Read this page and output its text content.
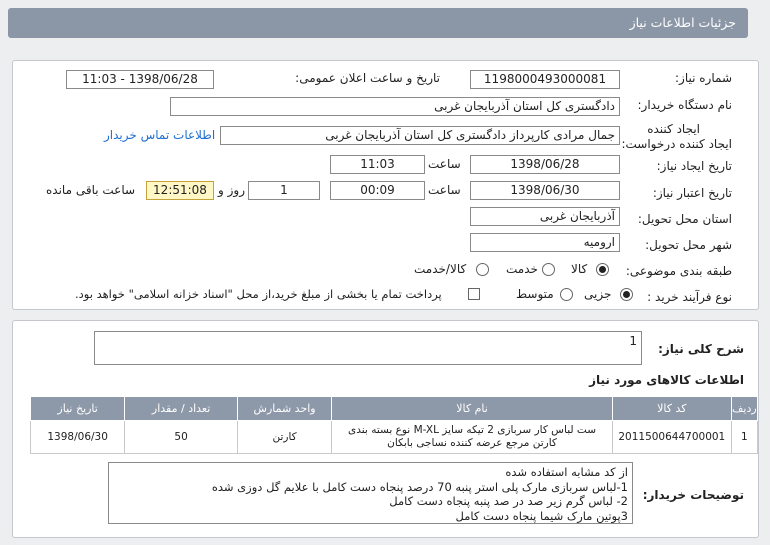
جزئیات اطلاعات نیاز
شماره نیاز:
1198000493000081
تاریخ و ساعت اعلان عمومی:
1398/06/28 - 11:03
نام دستگاه خریدار:
دادگستری کل استان آذربایجان غربی
ایجاد کننده
ایجاد کننده درخواست:
جمال مرادی کارپرداز دادگستری کل استان آذربایجان غربی
اطلاعات تماس خریدار
تاریخ ایجاد نیاز:
1398/06/28
ساعت
11:03
تاریخ اعتبار نیاز:
1398/06/30
ساعت
00:09
1
روز و
12:51:08
ساعت باقی مانده
استان محل تحویل:
آذربایجان غربی
شهر محل تحویل:
ارومیه
طبقه بندی موضوعی:
کالا
خدمت
کالا/خدمت
نوع فرآیند خرید :
جزیی
متوسط
پرداخت تمام یا بخشی از مبلغ خرید،از محل "اسناد خزانه اسلامی" خواهد بود.
شرح کلی نیاز:
1
اطلاعات کالاهای مورد نیاز
ردیف	کد کالا	نام کالا	واحد شمارش	تعداد / مقدار	تاریخ نیاز
1	2011500644700001	ست لباس کار سربازی 2 تیکه سایز M-XL نوع بسته بندی کارتن مرجع عرضه کننده نساجی بابکان	کارتن	50	1398/06/30
توضیحات خریدار:
از کد مشابه استفاده شده
1-لباس سربازی مارک پلی استر پنبه 70 درصد پنجاه دست کامل با علایم گل دوزی شده
2- لباس گرم زیر صد در صد پنبه پنجاه دست کامل
3پوتین مارک شیما پنجاه دست کامل
